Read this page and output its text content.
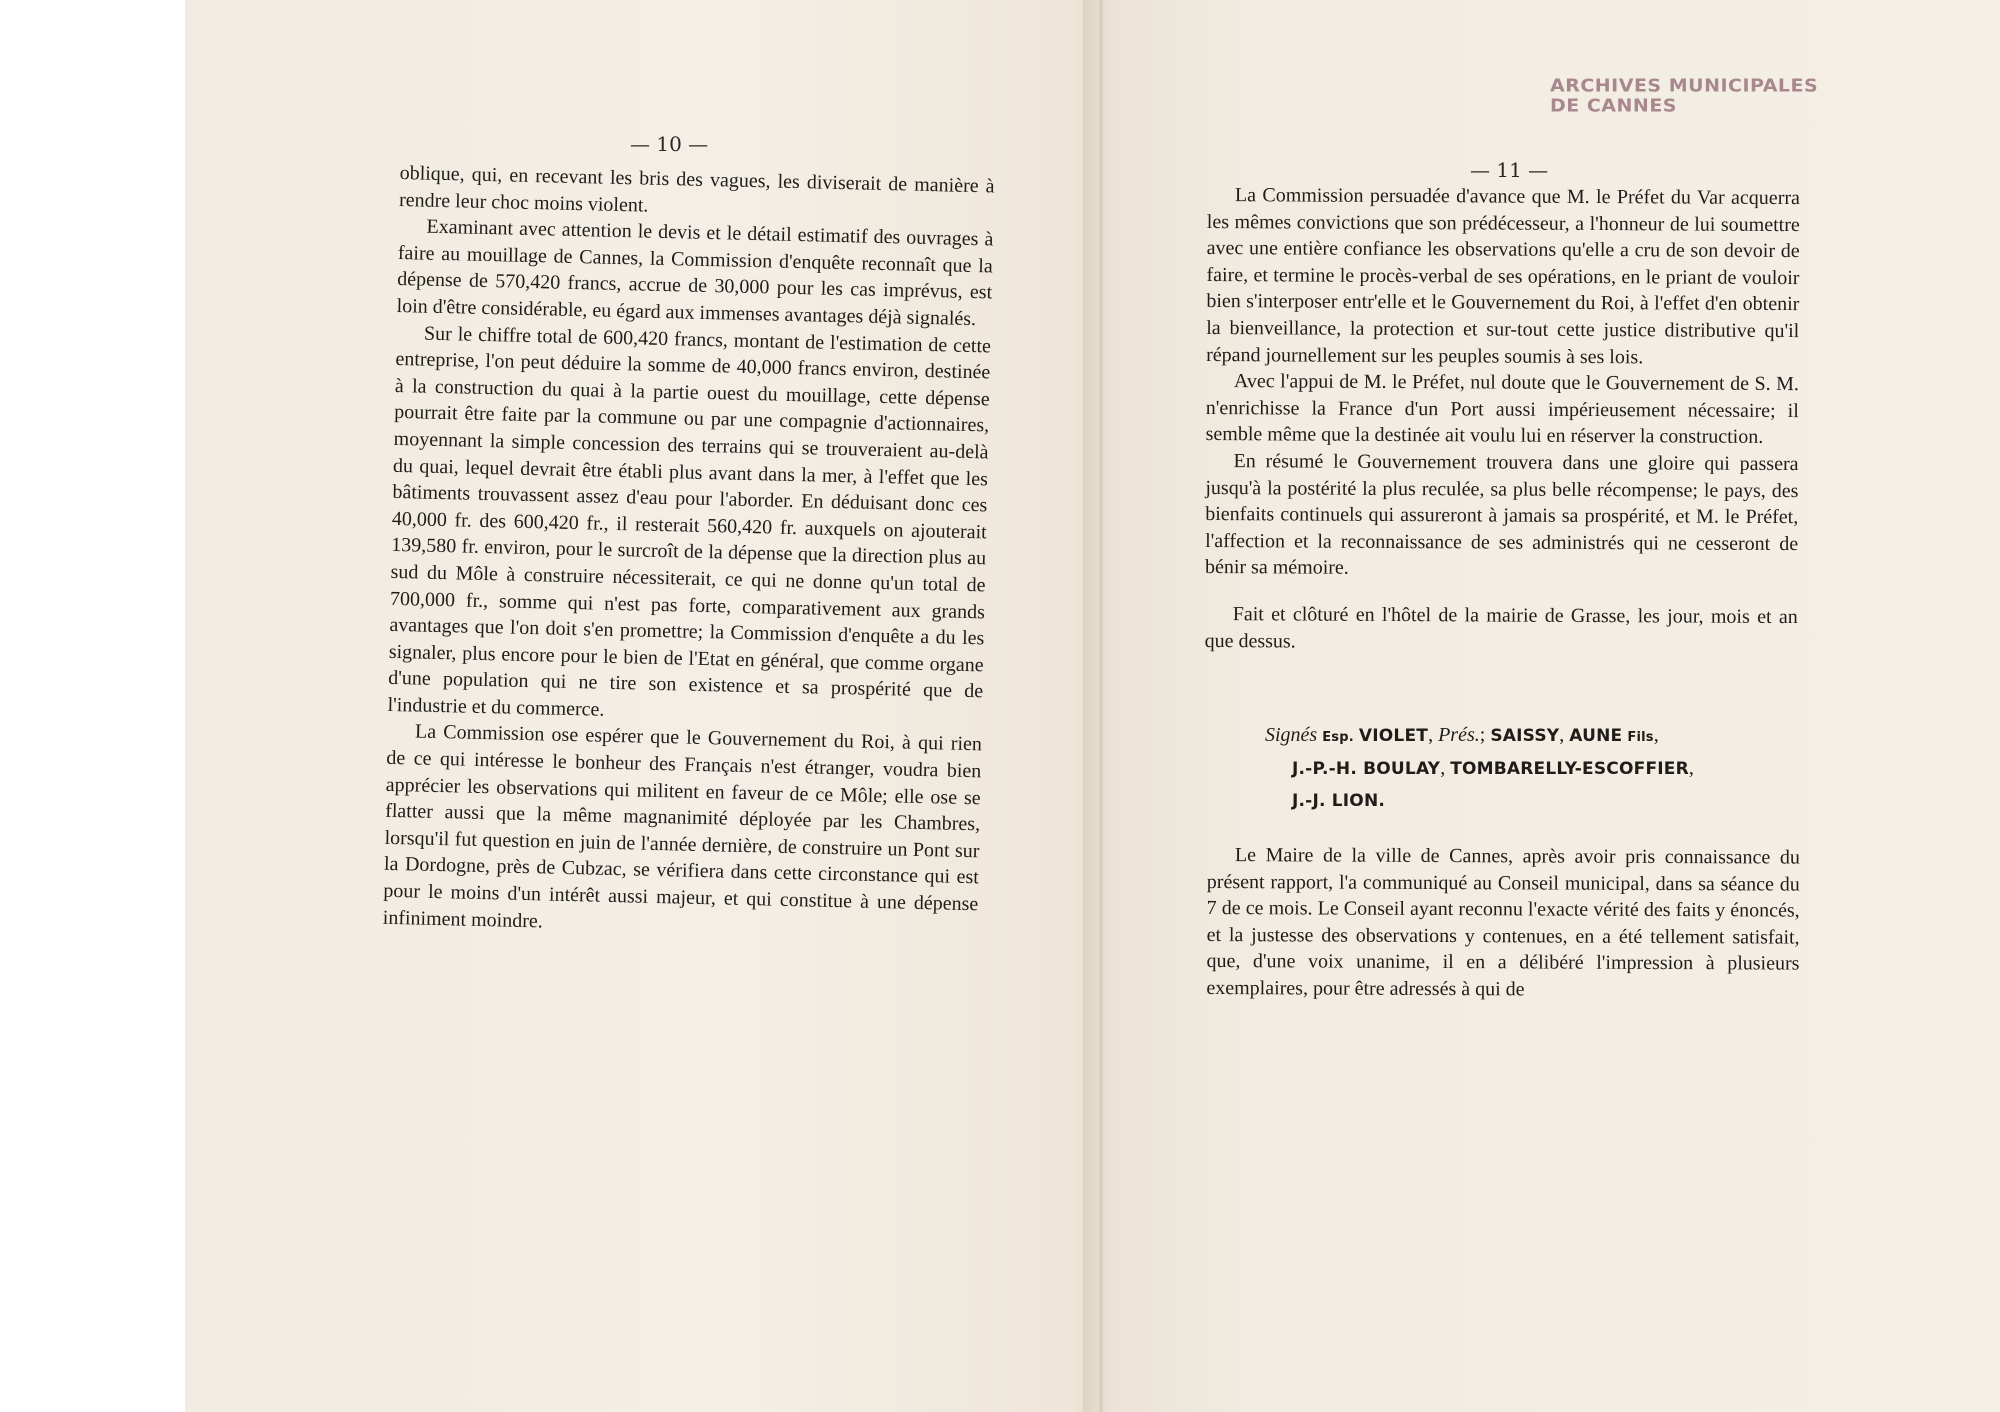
ARCHIVES MUNICIPALES DE CANNES
— 10 —
— 11 —

oblique, qui, en recevant les bris des vagues, les diviserait de manière à rendre leur choc moins violent.

Examinant avec attention le devis et le détail estimatif des ouvrages à faire au mouillage de Cannes, la Commission d'enquête reconnaît que la dépense de 570,420 francs, accrue de 30,000 pour les cas imprévus, est loin d'être considérable, eu égard aux immenses avantages déjà signalés.

Sur le chiffre total de 600,420 francs, montant de l'estimation de cette entreprise, l'on peut déduire la somme de 40,000 francs environ, destinée à la construction du quai à la partie ouest du mouillage, cette dépense pourrait être faite par la commune ou par une compagnie d'actionnaires, moyennant la simple concession des terrains qui se trouveraient au-delà du quai, lequel devrait être établi plus avant dans la mer, à l'effet que les bâtiments trouvassent assez d'eau pour l'aborder. En déduisant donc ces 40,000 fr. des 600,420 fr., il resterait 560,420 fr. auxquels on ajouterait 139,580 fr. environ, pour le surcroît de la dépense que la direction plus au sud du Môle à construire nécessiterait, ce qui ne donne qu'un total de 700,000 fr., somme qui n'est pas forte, comparativement aux grands avantages que l'on doit s'en promettre; la Commission d'enquête a du les signaler, plus encore pour le bien de l'Etat en général, que comme organe d'une population qui ne tire son existence et sa prospérité que de l'industrie et du commerce.

La Commission ose espérer que le Gouvernement du Roi, à qui rien de ce qui intéresse le bonheur des Français n'est étranger, voudra bien apprécier les observations qui militent en faveur de ce Môle; elle ose se flatter aussi que la même magnanimité déployée par les Chambres, lorsqu'il fut question en juin de l'année dernière, de construire un Pont sur la Dordogne, près de Cubzac, se vérifiera dans cette circonstance qui est pour le moins d'un intérêt aussi majeur, et qui constitue à une dépense infiniment moindre.

La Commission persuadée d'avance que M. le Préfet du Var acquerra les mêmes convictions que son prédécesseur, a l'honneur de lui soumettre avec une entière confiance les observations qu'elle a cru de son devoir de faire, et termine le procès-verbal de ses opérations, en le priant de vouloir bien s'interposer entr'elle et le Gouvernement du Roi, à l'effet d'en obtenir la bienveillance, la protection et sur-tout cette justice distributive qu'il répand journellement sur les peuples soumis à ses lois.

Avec l'appui de M. le Préfet, nul doute que le Gouvernement de S. M. n'enrichisse la France d'un Port aussi impérieusement nécessaire; il semble même que la destinée ait voulu lui en réserver la construction.

En résumé le Gouvernement trouvera dans une gloire qui passera jusqu'à la postérité la plus reculée, sa plus belle récompense; le pays, des bienfaits continuels qui assureront à jamais sa prospérité, et M. le Préfet, l'affection et la reconnaissance de ses administrés qui ne cesseront de bénir sa mémoire.

Fait et clôturé en l'hôtel de la mairie de Grasse, les jour, mois et an que dessus.

Signés Esp. VIOLET, Prés.; SAISSY, AUNE Fils,
J.-P.-H. BOULAY, TOMBARELLY-ESCOFFIER,
J.-J. LION.

Le Maire de la ville de Cannes, après avoir pris connaissance du présent rapport, l'a communiqué au Conseil municipal, dans sa séance du 7 de ce mois. Le Conseil ayant reconnu l'exacte vérité des faits y énoncés, et la justesse des observations y contenues, en a été tellement satisfait, que, d'une voix unanime, il en a délibéré l'impression à plusieurs exemplaires, pour être adressés à qui de
